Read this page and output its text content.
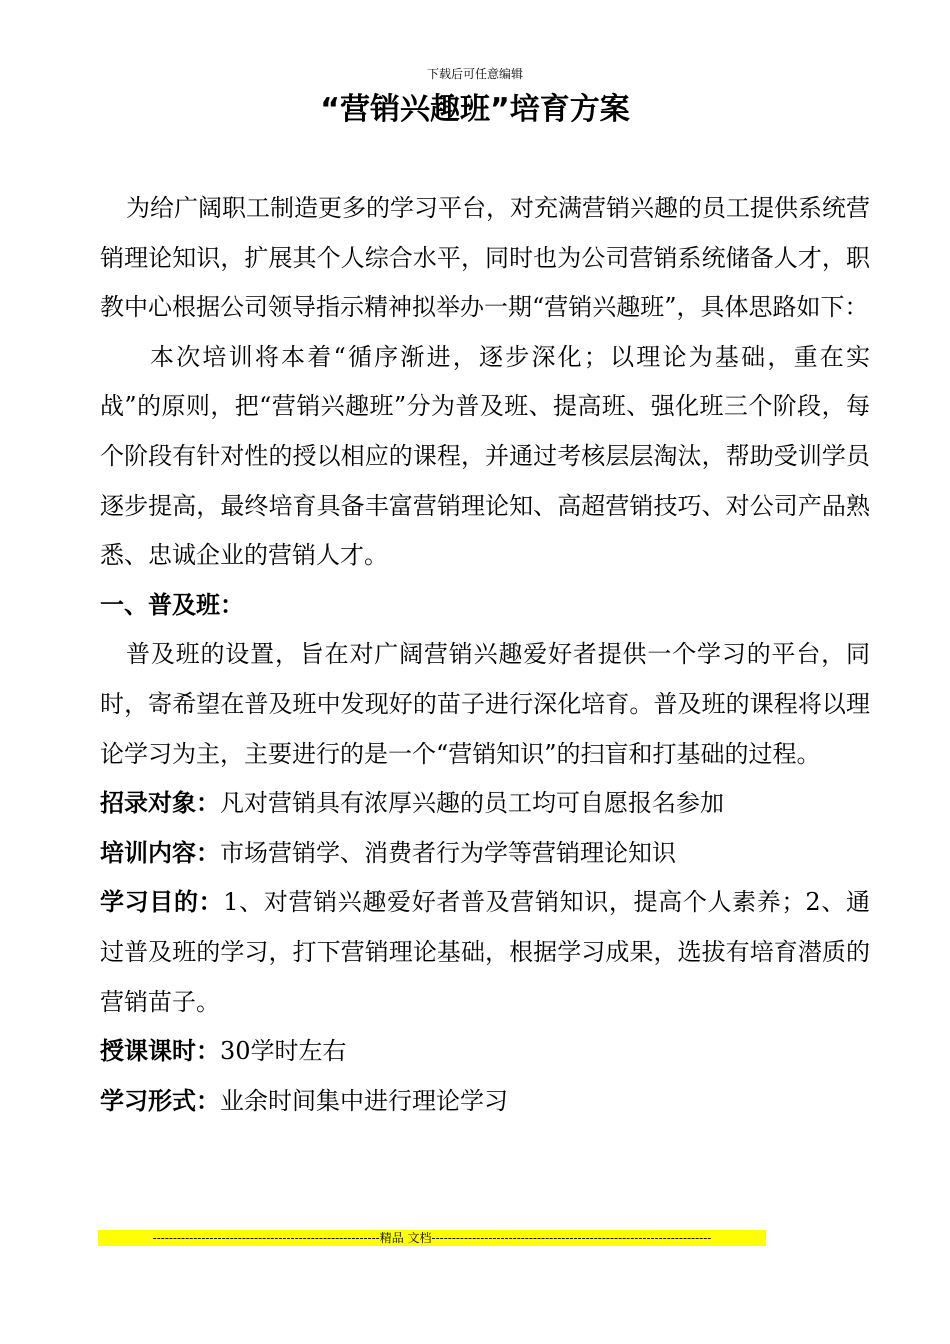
下载后可任意编辑
“营销兴趣班”培育方案

为给广阔职工制造更多的学习平台，对充满营销兴趣的员工提供系统营销理论知识，扩展其个人综合水平，同时也为公司营销系统储备人才，职教中心根据公司领导指示精神拟举办一期“营销兴趣班”，具体思路如下：

本次培训将本着“循序渐进，逐步深化；以理论为基础，重在实战”的原则，把“营销兴趣班”分为普及班、提高班、强化班三个阶段，每个阶段有针对性的授以相应的课程，并通过考核层层淘汰，帮助受训学员逐步提高，最终培育具备丰富营销理论知、高超营销技巧、对公司产品熟悉、忠诚企业的营销人才。

一、普及班：

普及班的设置，旨在对广阔营销兴趣爱好者提供一个学习的平台，同时，寄希望在普及班中发现好的苗子进行深化培育。普及班的课程将以理论学习为主，主要进行的是一个“营销知识”的扫盲和打基础的过程。

招录对象：凡对营销具有浓厚兴趣的员工均可自愿报名参加

培训内容：市场营销学、消费者行为学等营销理论知识

学习目的：1、对营销兴趣爱好者普及营销知识，提高个人素养；2、通过普及班的学习，打下营销理论基础，根据学习成果，选拔有培育潜质的营销苗子。

授课课时：30学时左右

学习形式：业余时间集中进行理论学习

--------------------------------------------------------精品 文档---------------------------------------------------------------------
